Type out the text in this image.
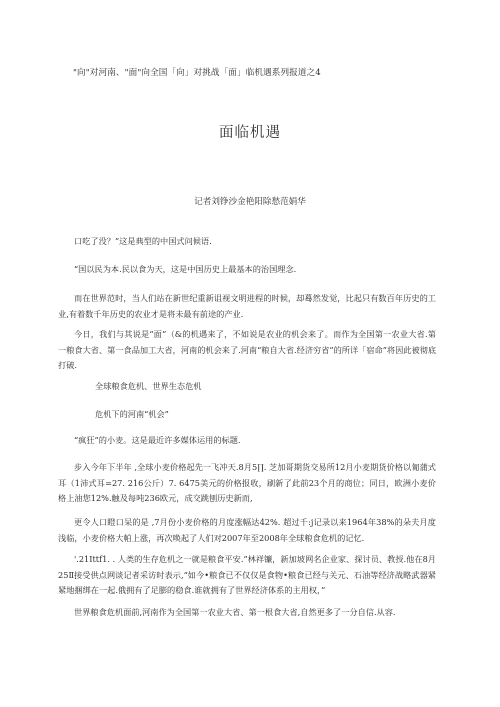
"向"对河南、"面"向全国「向」对挑战「面」临机遇系列报道之4
面临机遇
记者刘铮沙金艳阳除愁范娟华
口吃了没？”这是典型的中国式问候语.
“国以民为本.民以食为天，这是中国历史上最基本的治国理念.
而在世界范时，当人们站在新世纪重新诅视文明进程的时候，却蓦然发觉，比起只有数百年历史的工业,有着数千年历史的农业才是将未最有前途的产业.
今日，我们与其说是“面”（&的机遇来了，不如说是农业的机会来了。而作为全国第一农业大省.第一粮食大省、第一食品加工大省，河南的机会来了.河南“粮自大省.经济穷省”的所详「宿命”将因此被彻底打破.
全球粮食危机、世界生态危机
危机下的河南“机会”
“疯狂”的小麦。这是最近许多媒体运用的标题.
步入今年下半年 ,全球小麦价格起先一飞冲天.8月5∏. 芝加哥期货交易所12月小麦期货价格以匍蒲式耳（1沛式耳=27. 216公斤）7. 6475美元的价格报收，刷新了此前23个月的商位；同日，欧洲小麦价格上油您12%.触及每吨236欧元，成交跳刨历史新而,
更令人口瞪口呆的是 ,7月份小麦价格的月度涨幅达42%. 超过千:j记录以来1964年38%的朵夫月度浅临，小麦价格大帕上涨，再次唤起了人们对2007年至2008年全球粮食危机的记忆.
'.21Ittf1. . 人类的生存危机之一就是粮食平安.”林祥镰，新加坡网名企业家、探讨员、教授.他在8月25Ⅱ接受供点网谈记者采访时表示,“如今•粮食已不仅仅是食物•粮食已经与关元、石油等经济战略武器紧紧地捆绑在一起.俄拥有了足膨的稳食.谁就拥有了世界经济体系的主用权，”
世界粮食危机面前,河南作为全国第一农业大省、第一根食大省,自然更多了一分自信.从容.
